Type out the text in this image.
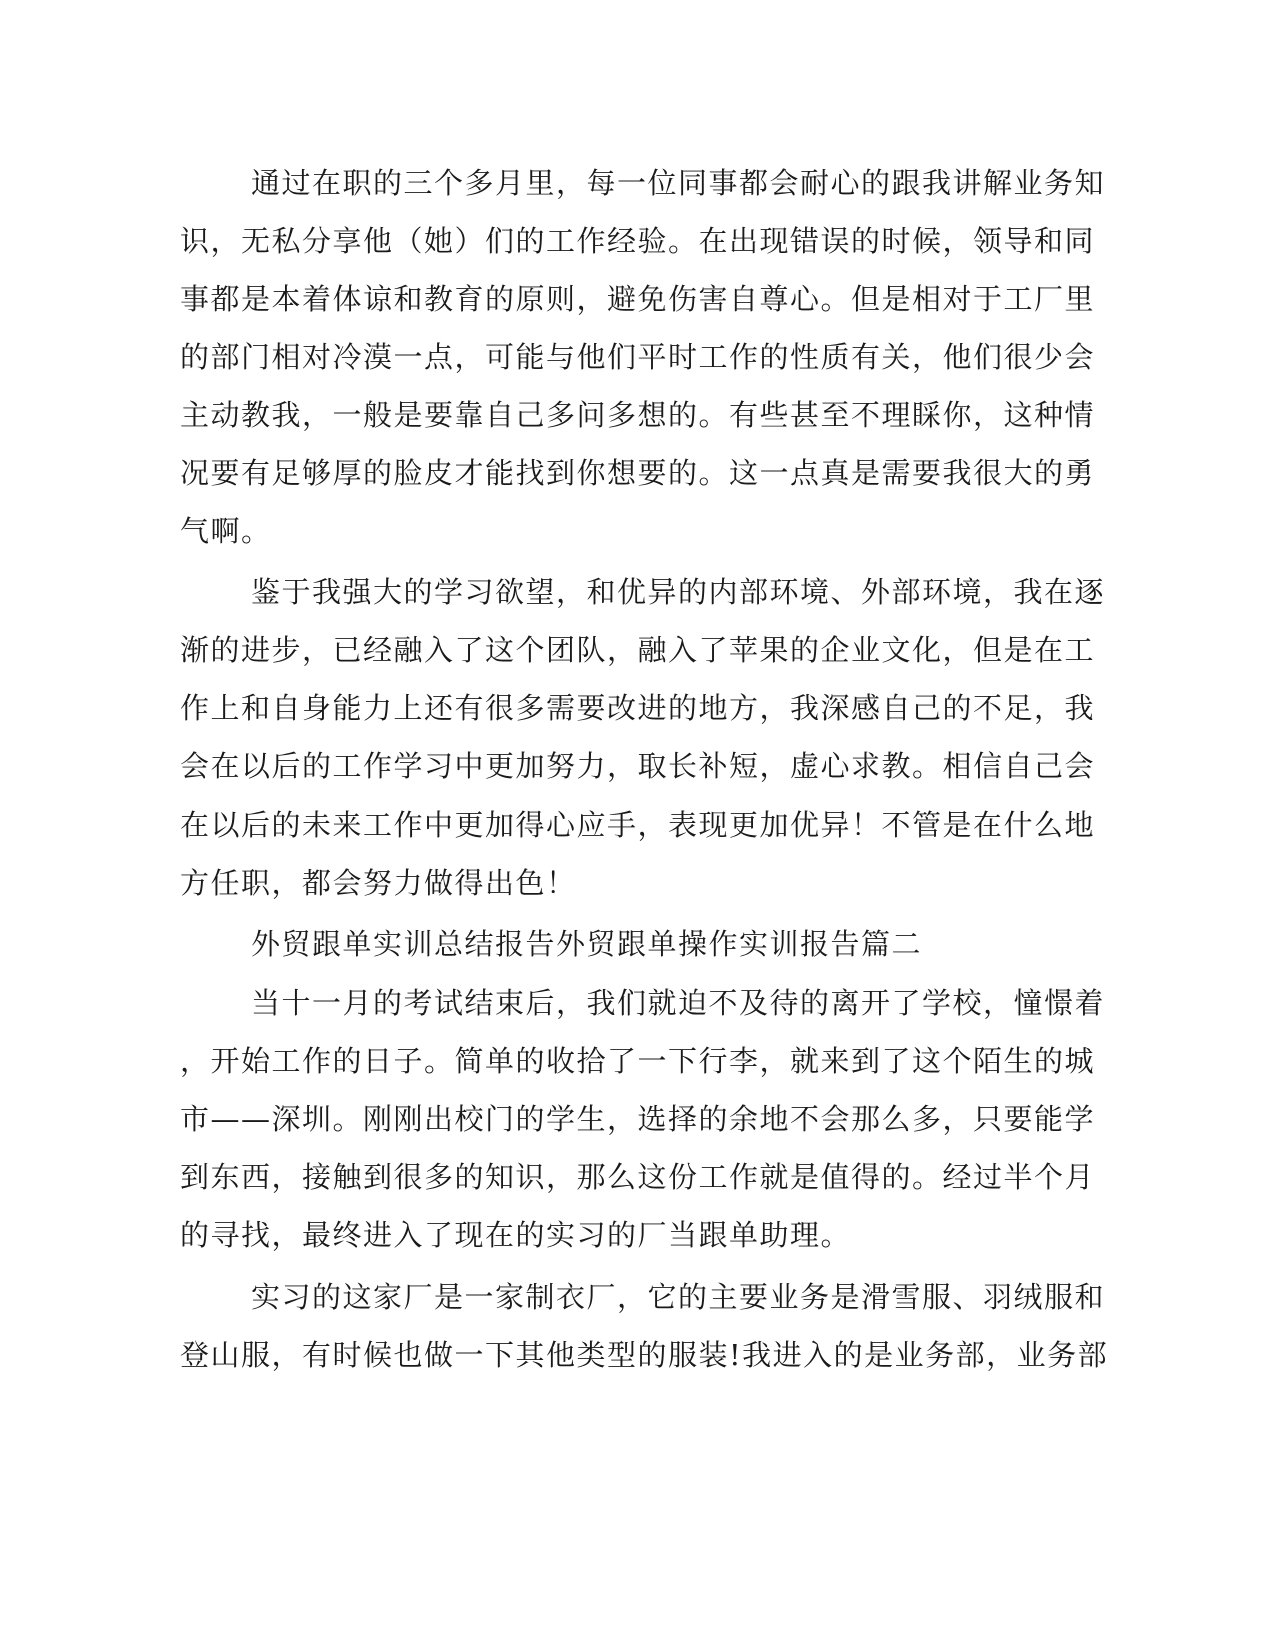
通过在职的三个多月里，每一位同事都会耐心的跟我讲解业务知
识，无私分享他（她）们的工作经验。在出现错误的时候，领导和同
事都是本着体谅和教育的原则，避免伤害自尊心。但是相对于工厂里
的部门相对冷漠一点，可能与他们平时工作的性质有关，他们很少会
主动教我，一般是要靠自己多问多想的。有些甚至不理睬你，这种情
况要有足够厚的脸皮才能找到你想要的。这一点真是需要我很大的勇
气啊。
鉴于我强大的学习欲望，和优异的内部环境、外部环境，我在逐
渐的进步，已经融入了这个团队，融入了苹果的企业文化，但是在工
作上和自身能力上还有很多需要改进的地方，我深感自己的不足，我
会在以后的工作学习中更加努力，取长补短，虚心求教。相信自己会
在以后的未来工作中更加得心应手，表现更加优异！不管是在什么地
方任职，都会努力做得出色！
外贸跟单实训总结报告外贸跟单操作实训报告篇二
当十一月的考试结束后，我们就迫不及待的离开了学校，憧憬着
，开始工作的日子。简单的收拾了一下行李，就来到了这个陌生的城
市——深圳。刚刚出校门的学生，选择的余地不会那么多，只要能学
到东西，接触到很多的知识，那么这份工作就是值得的。经过半个月
的寻找，最终进入了现在的实习的厂当跟单助理。
实习的这家厂是一家制衣厂，它的主要业务是滑雪服、羽绒服和
登山服，有时候也做一下其他类型的服装!我进入的是业务部，业务部
